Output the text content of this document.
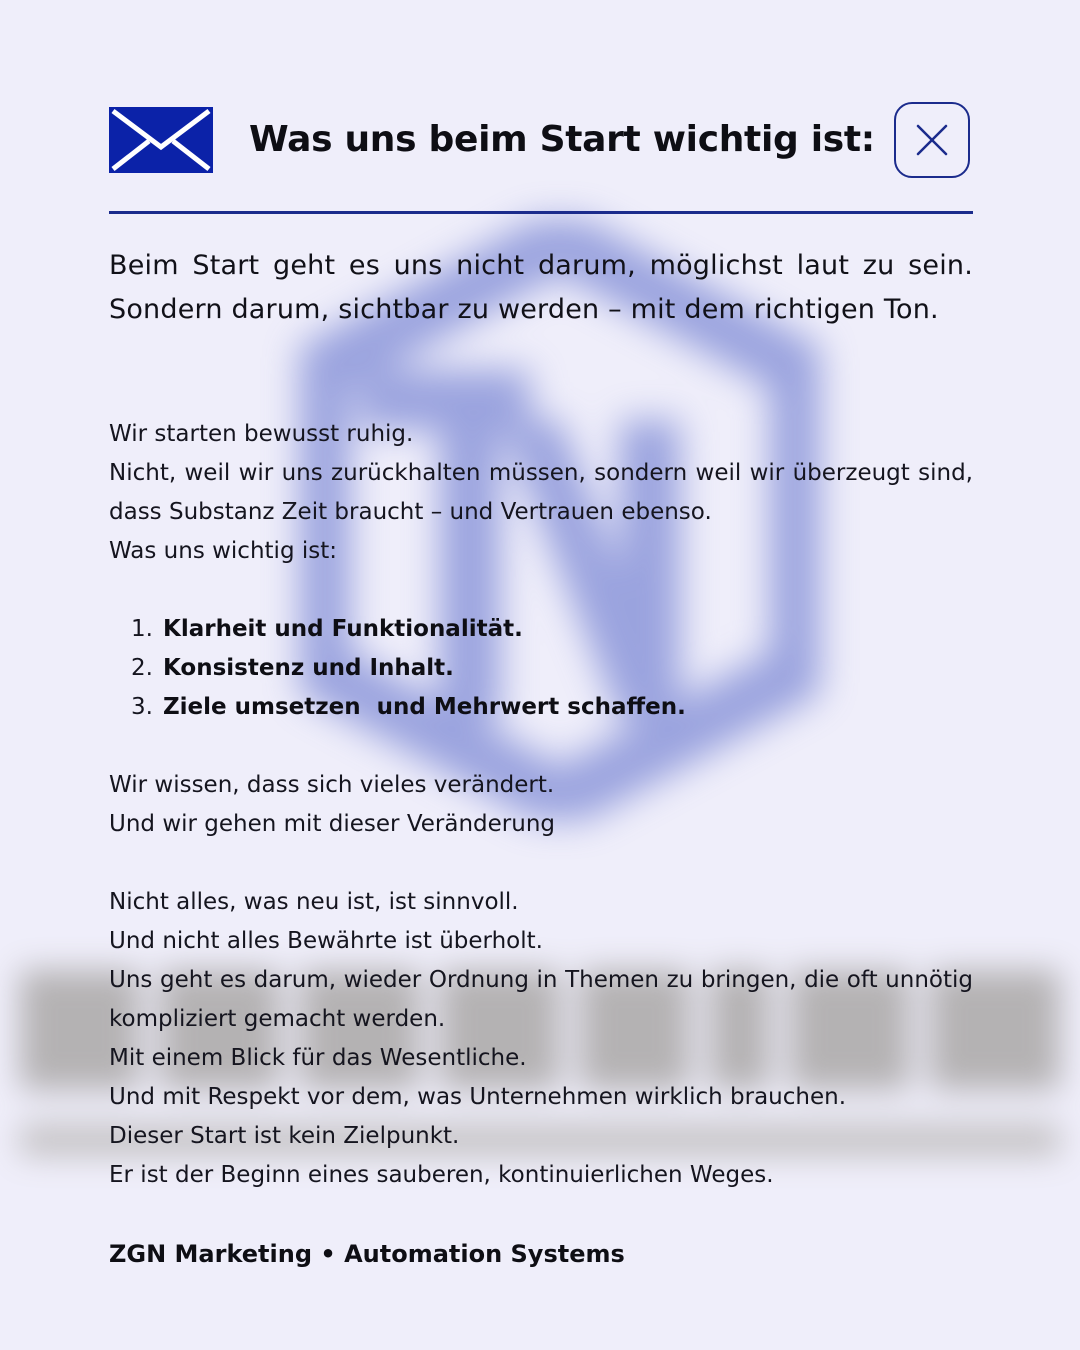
Was uns beim Start wichtig ist:
Beim Start geht es uns nicht darum, möglichst laut zu sein. Sondern darum, sichtbar zu werden – mit dem richtigen Ton.

Wir starten bewusst ruhig.

Nicht, weil wir uns zurückhalten müssen, sondern weil wir überzeugt sind, dass Substanz Zeit braucht – und Vertrauen ebenso.

Was uns wichtig ist:

1. Klarheit und Funktionalität.
2. Konsistenz und Inhalt.
3. Ziele umsetzen  und Mehrwert schaffen.

Wir wissen, dass sich vieles verändert.

Und wir gehen mit dieser Veränderung

Nicht alles, was neu ist, ist sinnvoll.

Und nicht alles Bewährte ist überholt.

Uns geht es darum, wieder Ordnung in Themen zu bringen, die oft unnötig kompliziert gemacht werden.

Mit einem Blick für das Wesentliche.

Und mit Respekt vor dem, was Unternehmen wirklich brauchen.

Dieser Start ist kein Zielpunkt.

Er ist der Beginn eines sauberen, kontinuierlichen Weges.

ZGN Marketing • Automation Systems
